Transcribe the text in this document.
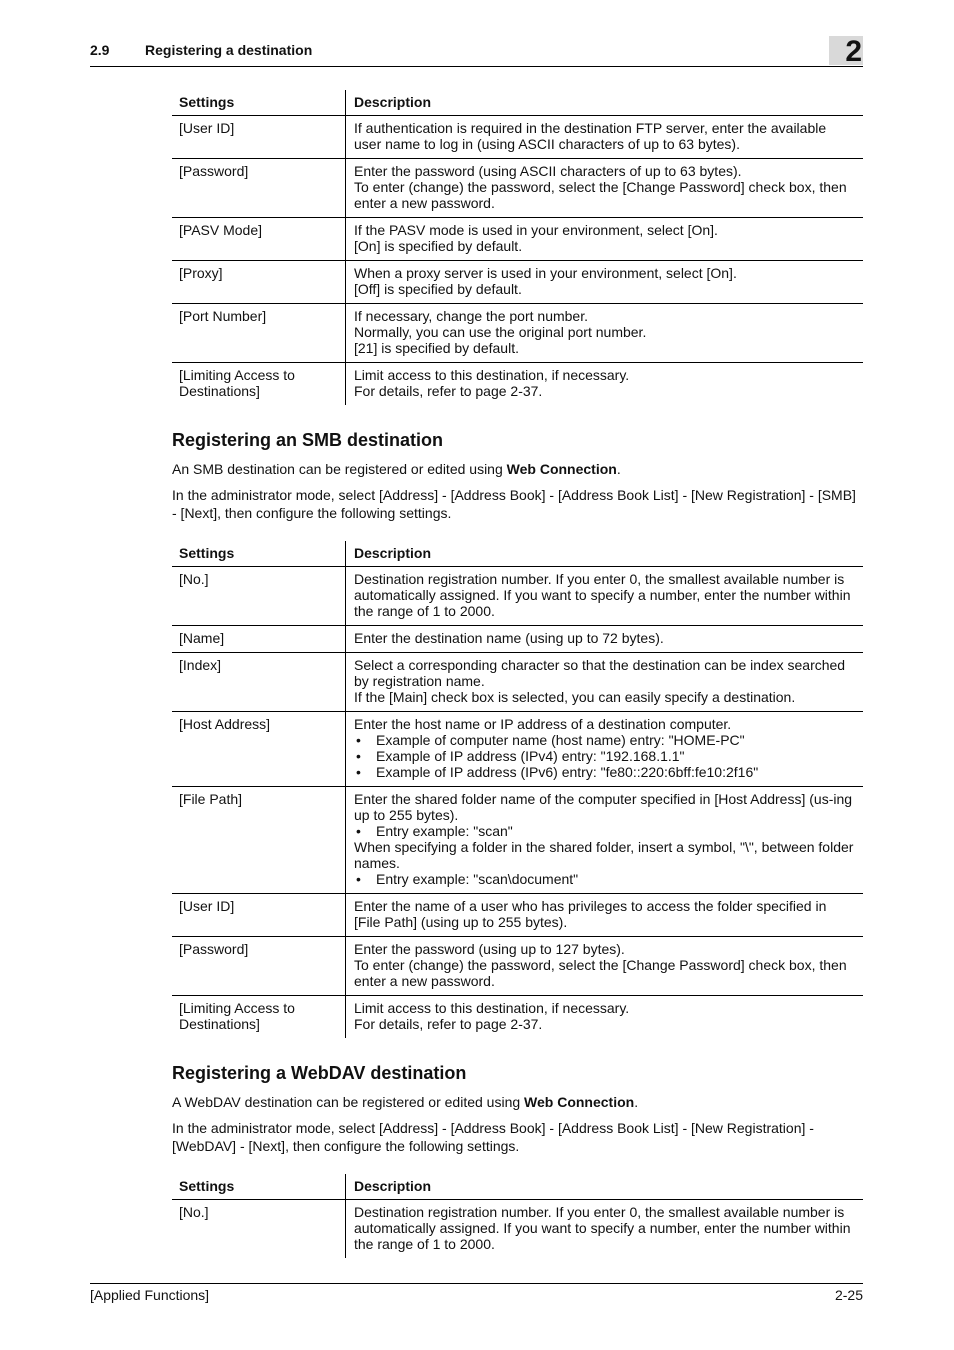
2.9	Registering a destination	2
Settings	Description
[User ID]	If authentication is required in the destination FTP server, enter the available user name to log in (using ASCII characters of up to 63 bytes).

[Password]	Enter the password (using ASCII characters of up to 63 bytes).
To enter (change) the password, select the [Change Password] check box, then enter a new password.

[PASV Mode]	If the PASV mode is used in your environment, select [On].
[On] is specified by default.

[Proxy]	When a proxy server is used in your environment, select [On].
[Off] is specified by default.

[Port Number]	If necessary, change the port number.
Normally, you can use the original port number.
[21] is specified by default.

[Limiting Access to Destinations]	Limit access to this destination, if necessary.
For details, refer to page 2-37.
Registering an SMB destination

An SMB destination can be registered or edited using Web Connection.

In the administrator mode, select [Address] - [Address Book] - [Address Book List] - [New Registration] - [SMB] - [Next], then configure the following settings.

Settings	Description
[No.]	Destination registration number. If you enter 0, the smallest available number is automatically assigned. If you want to specify a number, enter the number within the range of 1 to 2000.

[Name]	Enter the destination name (using up to 72 bytes).

[Index]	Select a corresponding character so that the destination can be index searched by registration name.
If the [Main] check box is selected, you can easily specify a destination.

[Host Address]	Enter the host name or IP address of a destination computer.
• Example of computer name (host name) entry: "HOME-PC"
• Example of IP address (IPv4) entry: "192.168.1.1"
• Example of IP address (IPv6) entry: "fe80::220:6bff:fe10:2f16"

[File Path]	Enter the shared folder name of the computer specified in [Host Address] (us-ing up to 255 bytes).
• Entry example: "scan"
When specifying a folder in the shared folder, insert a symbol, "\", between folder names.
• Entry example: "scan\document"

[User ID]	Enter the name of a user who has privileges to access the folder specified in [File Path] (using up to 255 bytes).

[Password]	Enter the password (using up to 127 bytes).
To enter (change) the password, select the [Change Password] check box, then enter a new password.

[Limiting Access to Destinations]	Limit access to this destination, if necessary.
For details, refer to page 2-37.
Registering a WebDAV destination

A WebDAV destination can be registered or edited using Web Connection.

In the administrator mode, select [Address] - [Address Book] - [Address Book List] - [New Registration] - [WebDAV] - [Next], then configure the following settings.

Settings	Description
[No.]	Destination registration number. If you enter 0, the smallest available number is automatically assigned. If you want to specify a number, enter the number within the range of 1 to 2000.
[Applied Functions]	2-25
